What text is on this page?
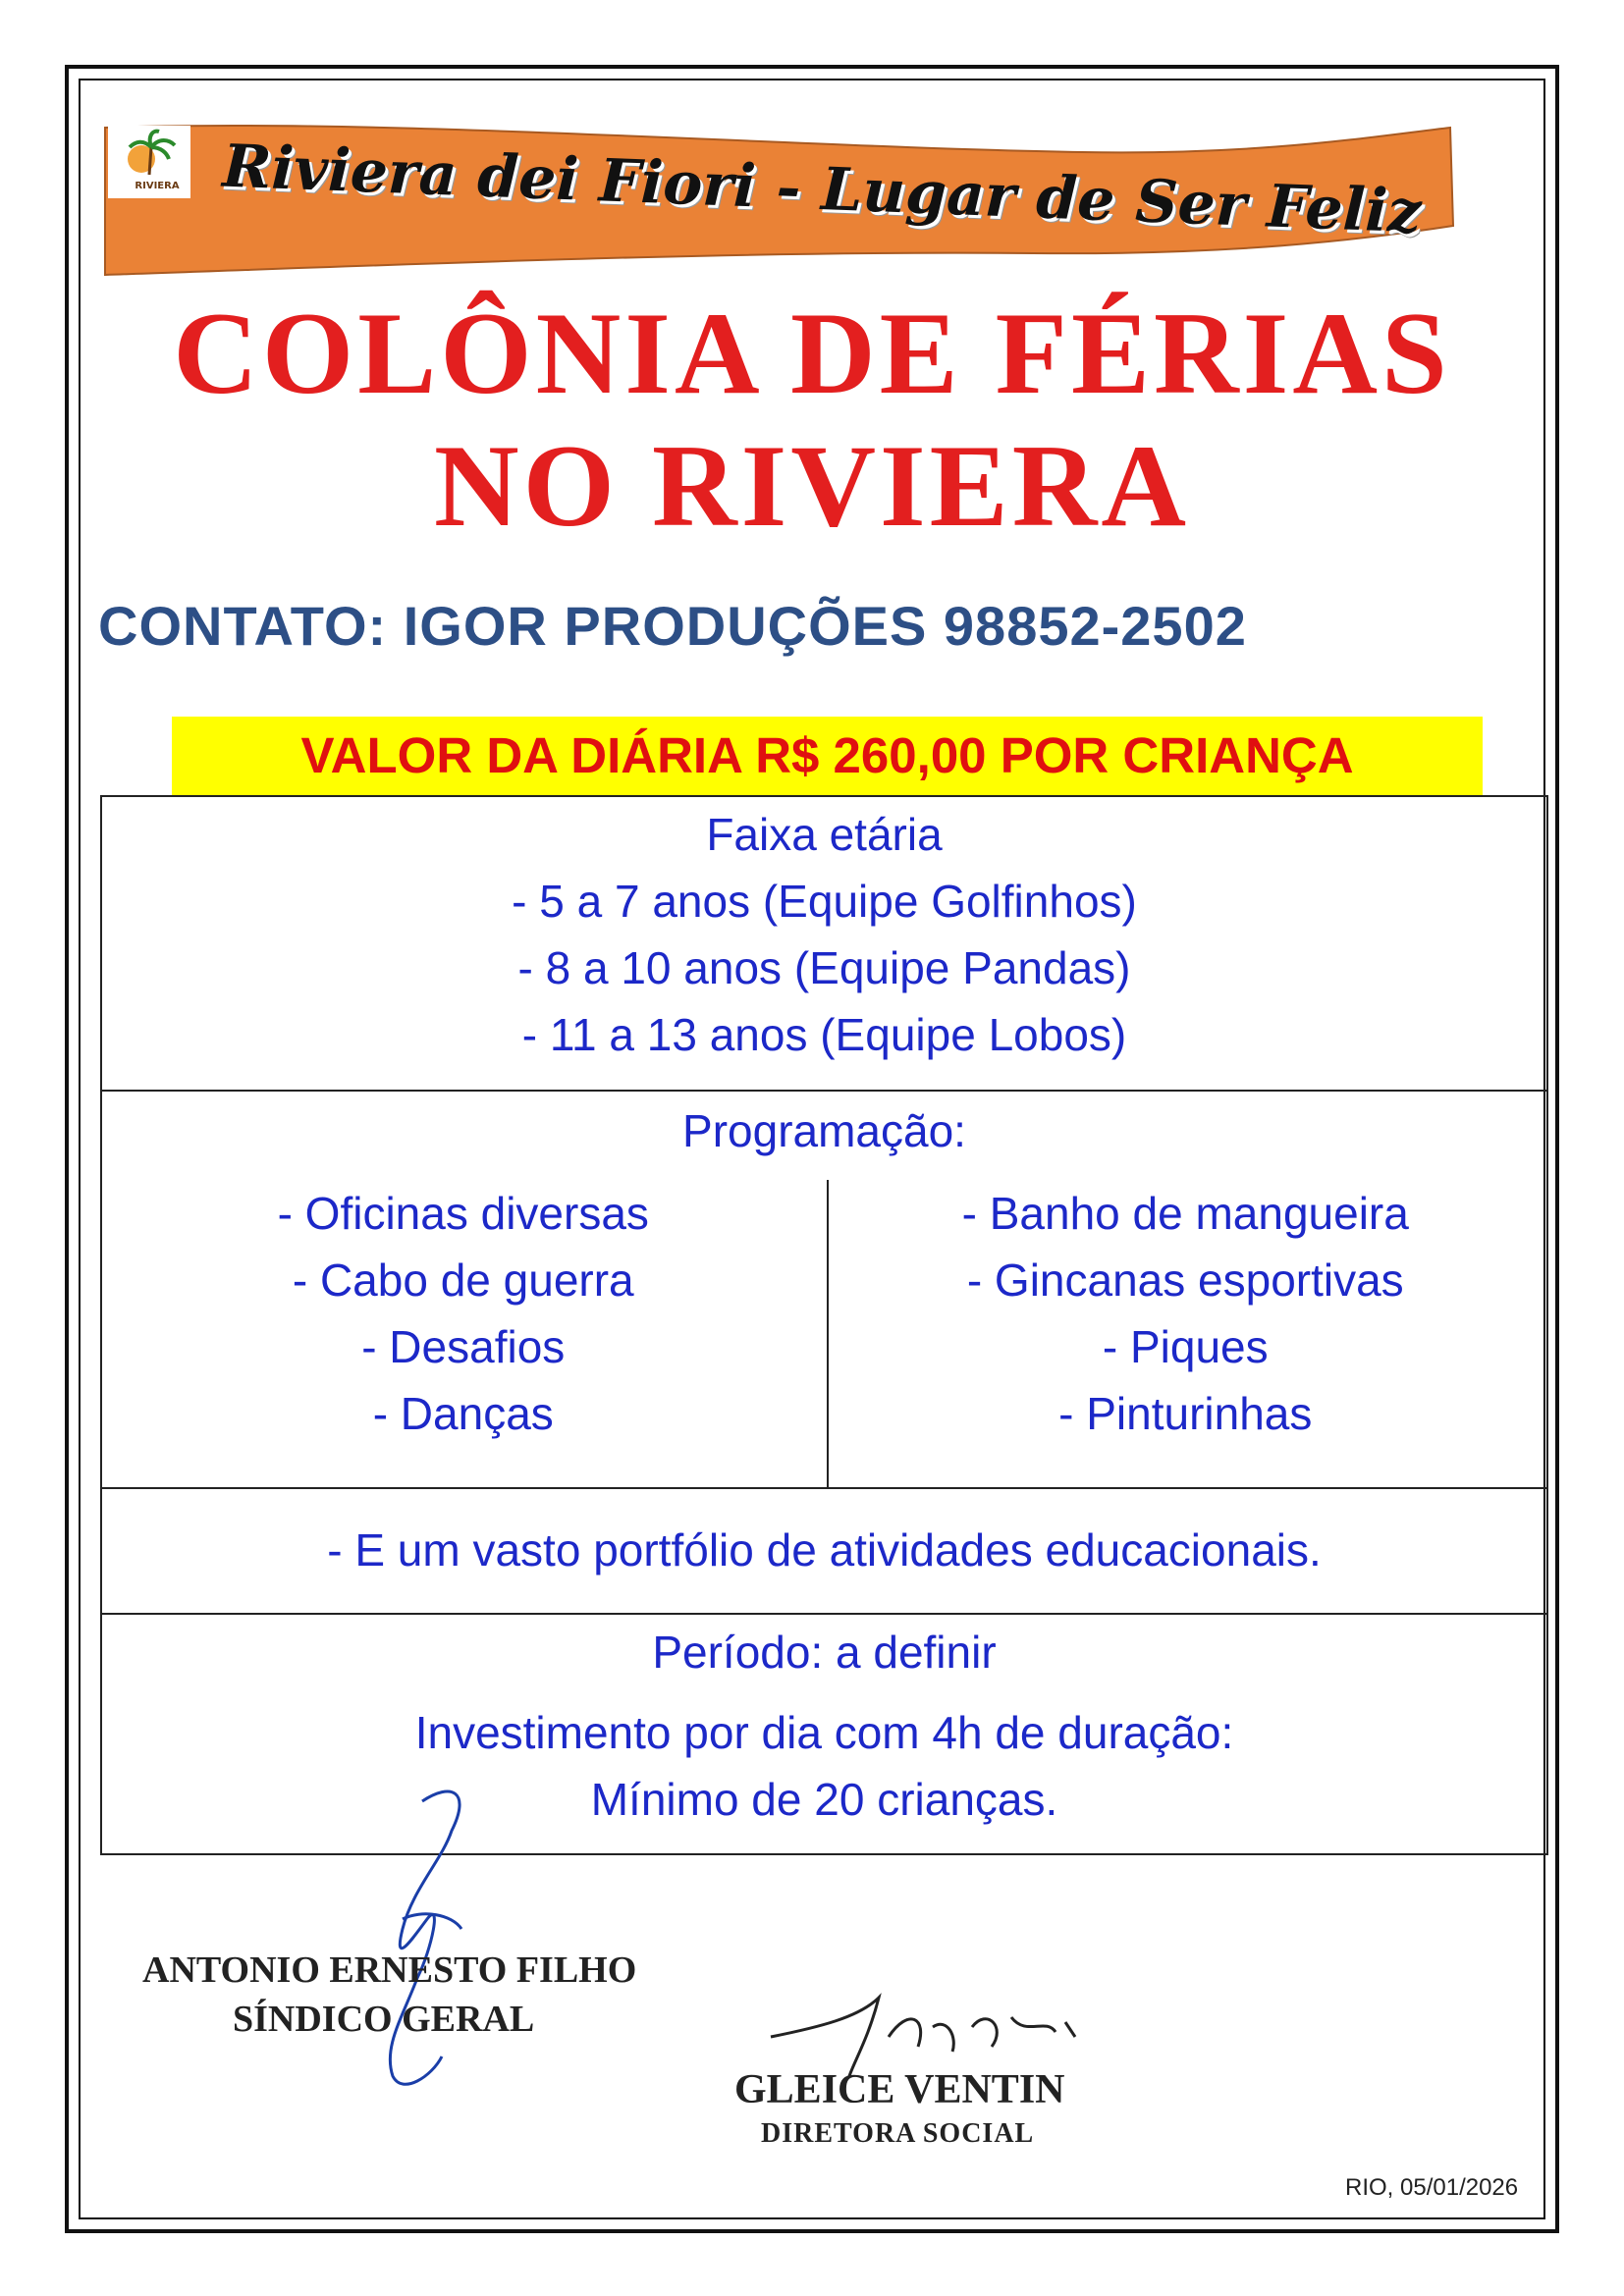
RIVIERA Riviera dei Fiori - Lugar de Ser Feliz
COLÔNIA DE FÉRIAS
NO RIVIERA
CONTATO: IGOR PRODUÇÕES 98852-2502
VALOR DA DIÁRIA R$ 260,00 POR CRIANÇA
Faixa etária
- 5 a 7 anos (Equipe Golfinhos)
- 8 a 10 anos (Equipe Pandas)
- 11 a 13 anos (Equipe Lobos)
Programação:
- Oficinas diversas
- Cabo de guerra
- Desafios
- Danças
- Banho de mangueira
- Gincanas esportivas
- Piques
- Pinturinhas
- E um vasto portfólio de atividades educacionais.
Período: a definir
Investimento por dia com 4h de duração:
Mínimo de 20 crianças.
ANTONIO ERNESTO FILHO
SÍNDICO GERAL
GLEICE VENTIN
DIRETORA SOCIAL
RIO, 05/01/2026
